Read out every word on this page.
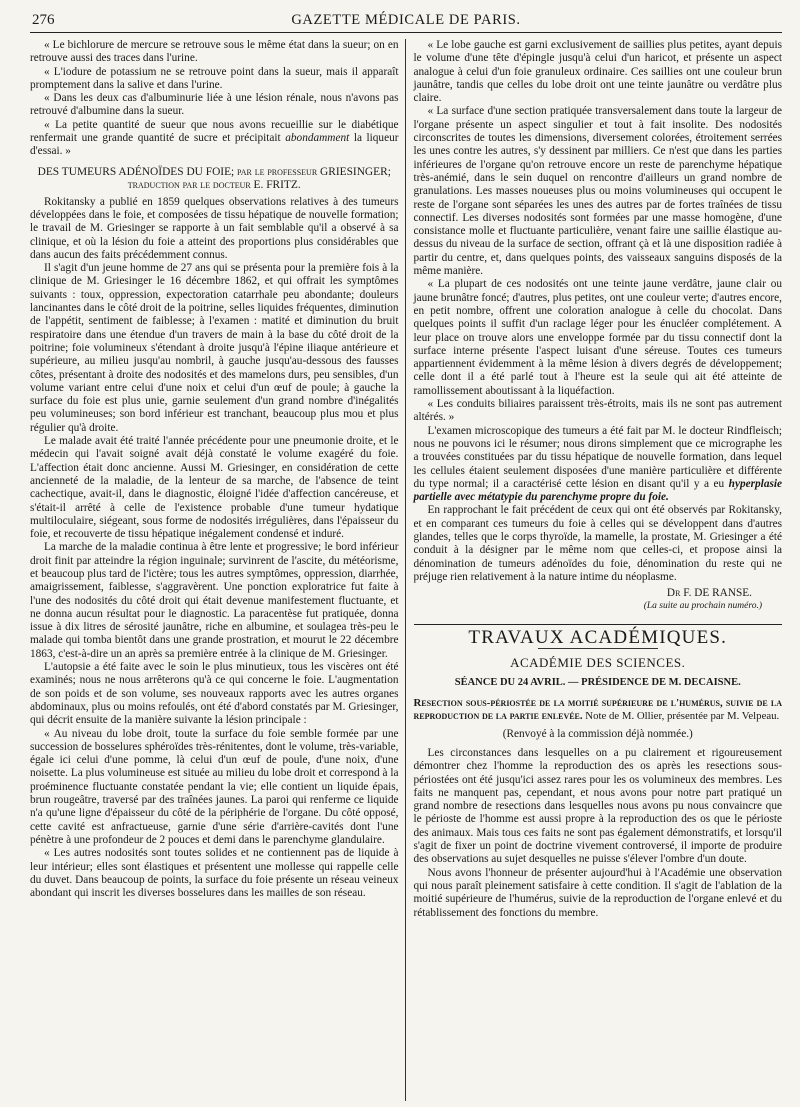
276	GAZETTE MÉDICALE DE PARIS.

« Le bichlorure de mercure se retrouve sous le même état dans la sueur; on en retrouve aussi des traces dans l'urine.

« L'iodure de potassium ne se retrouve point dans la sueur, mais il apparaît promptement dans la salive et dans l'urine.

« Dans les deux cas d'albuminurie liée à une lésion rénale, nous n'avons pas retrouvé d'albumine dans la sueur.

« La petite quantité de sueur que nous avons recueillie sur le diabétique renfermait une grande quantité de sucre et précipitait abondamment la liqueur d'essai. »

DES TUMEURS ADÉNOÏDES DU FOIE; par le professeur GRIESINGER;
traduction par le docteur E. FRITZ.

Rokitansky a publié en 1859 quelques observations relatives à des tumeurs développées dans le foie, et composées de tissu hépatique de nouvelle formation; le travail de M. Griesinger se rapporte à un fait semblable qu'il a observé à sa clinique, et où la lésion du foie a atteint des proportions plus considérables que dans aucun des faits précédemment connus.

Il s'agit d'un jeune homme de 27 ans qui se présenta pour la première fois à la clinique de M. Griesinger le 16 décembre 1862, et qui offrait les symptômes suivants : toux, oppression, expectoration catarrhale peu abondante; douleurs lancinantes dans le côté droit de la poitrine, selles liquides fréquentes, diminution de l'appétit, sentiment de faiblesse; à l'examen : matité et diminution du bruit respiratoire dans une étendue d'un travers de main à la base du côté droit de la poitrine; foie volumineux s'étendant à droite jusqu'à l'épine iliaque antérieure et supérieure, au milieu jusqu'au nombril, à gauche jusqu'au-dessous des fausses côtes, présentant à droite des nodosités et des mamelons durs, peu sensibles, d'un volume variant entre celui d'une noix et celui d'un œuf de poule; à gauche la surface du foie est plus unie, garnie seulement d'un grand nombre d'inégalités peu volumineuses; son bord inférieur est tranchant, beaucoup plus mou et plus régulier qu'à droite.

Le malade avait été traité l'année précédente pour une pneumonie droite, et le médecin qui l'avait soigné avait déjà constaté le volume exagéré du foie. L'affection était donc ancienne. Aussi M. Griesinger, en considération de cette ancienneté de la maladie, de la lenteur de sa marche, de l'absence de teint cachectique, avait-il, dans le diagnostic, éloigné l'idée d'affection cancéreuse, et s'était-il arrêté à celle de l'existence probable d'une tumeur hydatique multiloculaire, siégeant, sous forme de nodosités irrégulières, dans l'épaisseur du foie, et recouverte de tissu hépatique inégalement condensé et induré.

La marche de la maladie continua à être lente et progressive; le bord inférieur droit finit par atteindre la région inguinale; survinrent de l'ascite, du météorisme, et beaucoup plus tard de l'ictère; tous les autres symptômes, oppression, diarrhée, amaigrissement, faiblesse, s'aggravèrent. Une ponction exploratrice fut faite à l'une des nodosités du côté droit qui était devenue manifestement fluctuante, et ne donna aucun résultat pour le diagnostic. La paracentèse fut pratiquée, donna issue à dix litres de sérosité jaunâtre, riche en albumine, et soulagea très-peu le malade qui tomba bientôt dans une grande prostration, et mourut le 22 décembre 1863, c'est-à-dire un an après sa première entrée à la clinique de M. Griesinger.

L'autopsie a été faite avec le soin le plus minutieux, tous les viscères ont été examinés; nous ne nous arrêterons qu'à ce qui concerne le foie. L'augmentation de son poids et de son volume, ses nouveaux rapports avec les autres organes abdominaux, plus ou moins refoulés, ont été d'abord constatés par M. Griesinger, qui décrit ensuite de la manière suivante la lésion principale :

« Au niveau du lobe droit, toute la surface du foie semble formée par une succession de bosselures sphéroïdes très-rénitentes, dont le volume, très-variable, égale ici celui d'une pomme, là celui d'un œuf de poule, d'une noix, d'une noisette. La plus volumineuse est située au milieu du lobe droit et correspond à la proéminence fluctuante constatée pendant la vie; elle contient un liquide épais, brun rougeâtre, traversé par des traînées jaunes. La paroi qui renferme ce liquide n'a qu'une ligne d'épaisseur du côté de la périphérie de l'organe. Du côté opposé, cette cavité est anfractueuse, garnie d'une série d'arrière-cavités dont l'une pénètre à une profondeur de 2 pouces et demi dans le parenchyme glandulaire.

« Les autres nodosités sont toutes solides et ne contiennent pas de liquide à leur intérieur; elles sont élastiques et présentent une mollesse qui rappelle celle du duvet. Dans beaucoup de points, la surface du foie présente un réseau veineux abondant qui inscrit les diverses bosselures dans les mailles de son réseau.

« Le lobe gauche est garni exclusivement de saillies plus petites, ayant depuis le volume d'une tête d'épingle jusqu'à celui d'un haricot, et présente un aspect analogue à celui d'un foie granuleux ordinaire. Ces saillies ont une couleur brun jaunâtre, tandis que celles du lobe droit ont une teinte jaunâtre ou verdâtre plus claire.

« La surface d'une section pratiquée transversalement dans toute la largeur de l'organe présente un aspect singulier et tout à fait insolite. Des nodosités circonscrites de toutes les dimensions, diversement colorées, étroitement serrées les unes contre les autres, s'y dessinent par milliers. Ce n'est que dans les parties inférieures de l'organe qu'on retrouve encore un reste de parenchyme hépatique très-anémié, dans le sein duquel on rencontre d'ailleurs un grand nombre de granulations. Les masses noueuses plus ou moins volumineuses qui occupent le reste de l'organe sont séparées les unes des autres par de fortes traînées de tissu connectif. Les diverses nodosités sont formées par une masse homogène, d'une consistance molle et fluctuante particulière, venant faire une saillie élastique au-dessus du niveau de la surface de section, offrant çà et là une disposition radiée à partir du centre, et, dans quelques points, des vaisseaux sanguins disposés de la même manière.

« La plupart de ces nodosités ont une teinte jaune verdâtre, jaune clair ou jaune brunâtre foncé; d'autres, plus petites, ont une couleur verte; d'autres encore, en petit nombre, offrent une coloration analogue à celle du chocolat. Dans quelques points il suffit d'un raclage léger pour les énucléer complétement. A leur place on trouve alors une enveloppe formée par du tissu connectif dont la surface interne présente l'aspect luisant d'une séreuse. Toutes ces tumeurs appartiennent évidemment à la même lésion à divers degrés de développement; celle dont il a été parlé tout à l'heure est la seule qui ait été atteinte de ramollissement aboutissant à la liquéfaction.

« Les conduits biliaires paraissent très-étroits, mais ils ne sont pas autrement altérés. »

L'examen microscopique des tumeurs a été fait par M. le docteur Rindfleisch; nous ne pouvons ici le résumer; nous dirons simplement que ce micrographe les a trouvées constituées par du tissu hépatique de nouvelle formation, dans lequel les cellules étaient seulement disposées d'une manière particulière et différente du type normal; il a caractérisé cette lésion en disant qu'il y a eu hyperplasie partielle avec métatypie du parenchyme propre du foie.

En rapprochant le fait précédent de ceux qui ont été observés par Rokitansky, et en comparant ces tumeurs du foie à celles qui se développent dans d'autres glandes, telles que le corps thyroïde, la mamelle, la prostate, M. Griesinger a été conduit à la désigner par le même nom que celles-ci, et propose ainsi la dénomination de tumeurs adénoïdes du foie, dénomination du reste qui ne préjuge rien relativement à la nature intime du néoplasme.

Dr F. DE RANSE.
(La suite au prochain numéro.)
TRAVAUX ACADÉMIQUES.
ACADÉMIE DES SCIENCES.
SÉANCE DU 24 AVRIL. — PRÉSIDENCE DE M. DECAISNE.

Resection sous-périostée de la moitié supérieure de l'humérus, suivie de la reproduction de la partie enlevée. Note de M. Ollier, présentée par M. Velpeau.

(Renvoyé à la commission déjà nommée.)

Les circonstances dans lesquelles on a pu clairement et rigoureusement démontrer chez l'homme la reproduction des os après les resections sous-périostées ont été jusqu'ici assez rares pour les os volumineux des membres. Les faits ne manquent pas, cependant, et nous avons pour notre part pratiqué un grand nombre de resections dans lesquelles nous avons pu nous convaincre que le périoste de l'homme est aussi propre à la reproduction des os que le périoste des animaux. Mais tous ces faits ne sont pas également démonstratifs, et lorsqu'il s'agit de fixer un point de doctrine vivement controversé, il importe de produire des observations au sujet desquelles ne puisse s'élever l'ombre d'un doute.

Nous avons l'honneur de présenter aujourd'hui à l'Académie une observation qui nous paraît pleinement satisfaire à cette condition. Il s'agit de l'ablation de la moitié supérieure de l'humérus, suivie de la reproduction de l'organe enlevé et du rétablissement des fonctions du membre.
